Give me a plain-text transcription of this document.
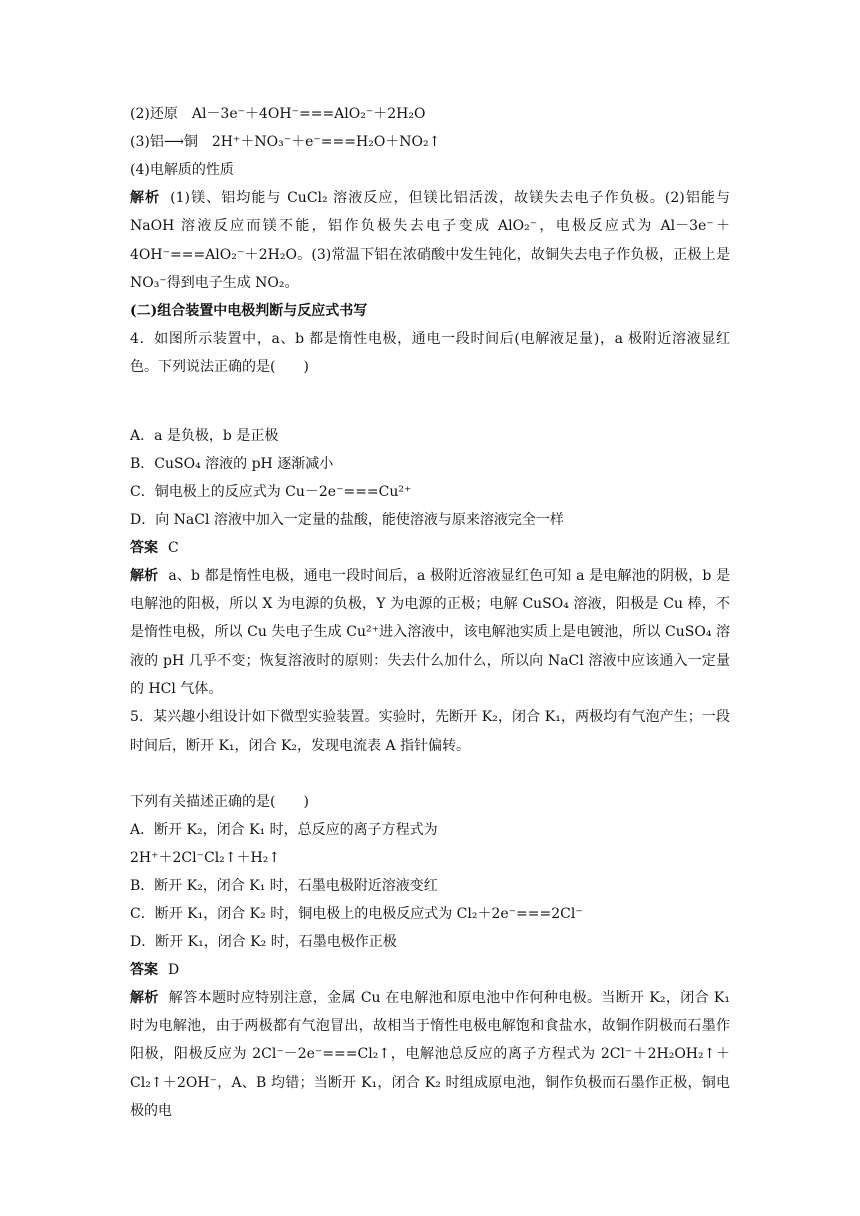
(2)还原　Al－3e⁻＋4OH⁻===AlO₂⁻＋2H₂O
(3)铝⟶铜　2H⁺＋NO₃⁻＋e⁻===H₂O＋NO₂↑
(4)电解质的性质
解析 (1)镁、铝均能与 CuCl₂ 溶液反应，但镁比铝活泼，故镁失去电子作负极。(2)铝能与 NaOH 溶液反应而镁不能，铝作负极失去电子变成 AlO₂⁻，电极反应式为 Al－3e⁻＋4OH⁻===AlO₂⁻＋2H₂O。(3)常温下铝在浓硝酸中发生钝化，故铜失去电子作负极，正极上是 NO₃⁻得到电子生成 NO₂。
(二)组合装置中电极判断与反应式书写
4．如图所示装置中，a、b 都是惰性电极，通电一段时间后(电解液足量)，a 极附近溶液显红色。下列说法正确的是(　　)
A．a 是负极，b 是正极
B．CuSO₄ 溶液的 pH 逐渐减小
C．铜电极上的反应式为 Cu－2e⁻===Cu²⁺
D．向 NaCl 溶液中加入一定量的盐酸，能使溶液与原来溶液完全一样
答案 C
解析 a、b 都是惰性电极，通电一段时间后，a 极附近溶液显红色可知 a 是电解池的阴极，b 是电解池的阳极，所以 X 为电源的负极，Y 为电源的正极；电解 CuSO₄ 溶液，阳极是 Cu 棒，不是惰性电极，所以 Cu 失电子生成 Cu²⁺进入溶液中，该电解池实质上是电镀池，所以 CuSO₄ 溶液的 pH 几乎不变；恢复溶液时的原则：失去什么加什么，所以向 NaCl 溶液中应该通入一定量的 HCl 气体。
5．某兴趣小组设计如下微型实验装置。实验时，先断开 K₂，闭合 K₁，两极均有气泡产生；一段时间后，断开 K₁，闭合 K₂，发现电流表 A 指针偏转。
下列有关描述正确的是(　　)
A．断开 K₂，闭合 K₁ 时，总反应的离子方程式为
2H⁺＋2Cl⁻Cl₂↑＋H₂↑
B．断开 K₂，闭合 K₁ 时，石墨电极附近溶液变红
C．断开 K₁，闭合 K₂ 时，铜电极上的电极反应式为 Cl₂＋2e⁻===2Cl⁻
D．断开 K₁，闭合 K₂ 时，石墨电极作正极
答案 D
解析 解答本题时应特别注意，金属 Cu 在电解池和原电池中作何种电极。当断开 K₂，闭合 K₁ 时为电解池，由于两极都有气泡冒出，故相当于惰性电极电解饱和食盐水，故铜作阴极而石墨作阳极，阳极反应为 2Cl⁻－2e⁻===Cl₂↑，电解池总反应的离子方程式为 2Cl⁻＋2H₂OH₂↑＋Cl₂↑＋2OH⁻，A、B 均错；当断开 K₁，闭合 K₂ 时组成原电池，铜作负极而石墨作正极，铜电极的电
